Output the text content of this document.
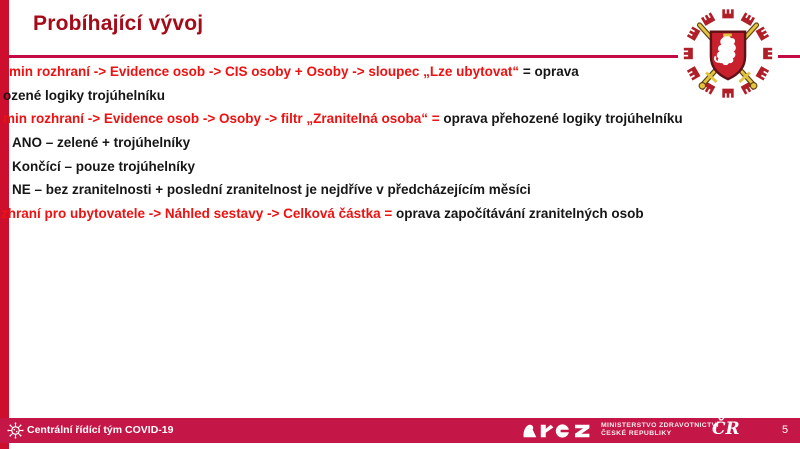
Probíhající vývoj
min rozhraní -> Evidence osob -> CIS osoby + Osoby -> sloupec „Lze ubytovat“ = oprava
ozené logiky trojúhelníku
min rozhraní -> Evidence osob -> Osoby -> filtr „Zranitelná osoba“ = oprava přehozené logiky trojúhelníku
ANO – zelené + trojúhelníky
Končící – pouze trojúhelníky
NE – bez zranitelnosti + poslední zranitelnost je nejdříve v předcházejícím měsíci
zhraní pro ubytovatele -> Náhled sestavy -> Celková částka = oprava započítávání zranitelných osob
Centrální řídící tým COVID-19	MINISTERSTVO ZDRAVOTNICTVÍ
ČESKÉ REPUBLIKY	ČR	5
